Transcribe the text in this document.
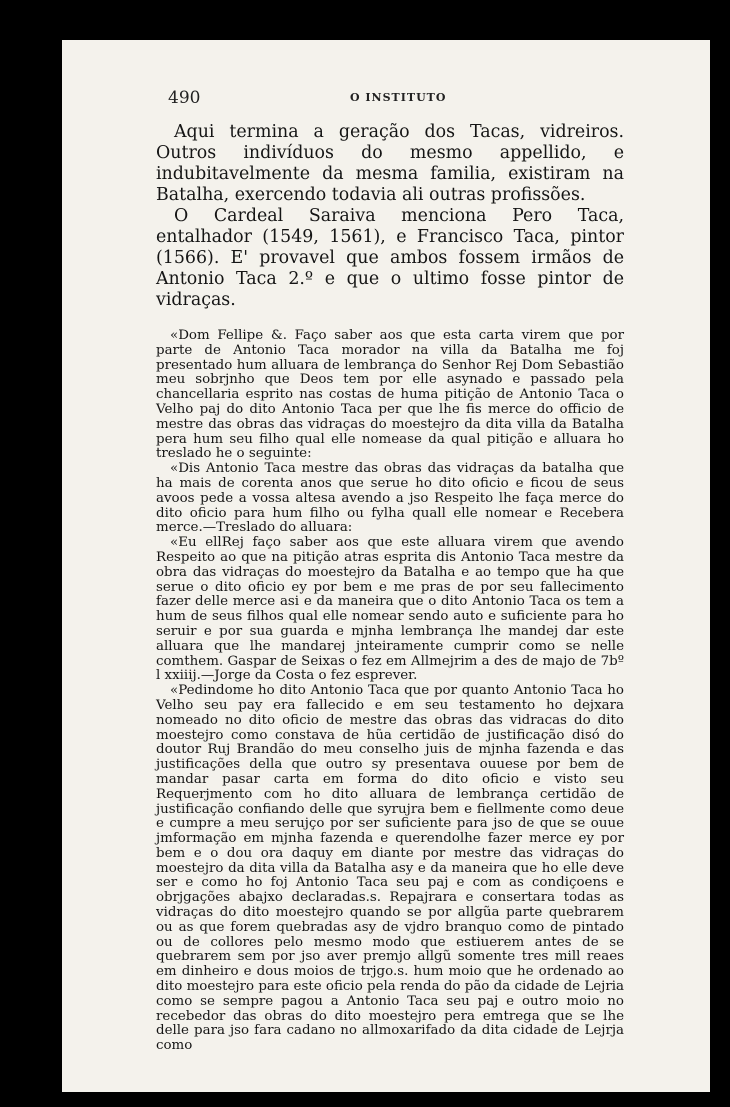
490	O INSTITUTO

Aqui termina a geração dos Tacas, vidreiros. Outros indivíduos do mesmo appellido, e indubitavelmente da mesma familia, existiram na Batalha, exercendo todavia ali outras profissões.

O Cardeal Saraiva menciona Pero Taca, entalhador (1549, 1561), e Francisco Taca, pintor (1566). E' provavel que ambos fossem irmãos de Antonio Taca 2.º e que o ultimo fosse pintor de vidraças.

«Dom Fellipe &. Faço saber aos que esta carta virem que por parte de Antonio Taca morador na villa da Batalha me foj presentado hum alluara de lembrança do Senhor Rej Dom Sebastião meu sobrjnho que Deos tem por elle asynado e passado pela chancellaria esprito nas costas de huma pitição de Antonio Taca o Velho paj do dito Antonio Taca per que lhe fis merce do officio de mestre das obras das vidraças do moestejro da dita villa da Batalha pera hum seu filho qual elle nomease da qual pitição e alluara ho treslado he o seguinte:

«Dis Antonio Taca mestre das obras das vidraças da batalha que ha mais de corenta anos que serue ho dito oficio e ficou de seus avoos pede a vossa altesa avendo a jso Respeito lhe faça merce do dito oficio para hum filho ou fylha quall elle nomear e Recebera merce.—Treslado do alluara:

«Eu ellRej faço saber aos que este alluara virem que avendo Respeito ao que na pitição atras esprita dis Antonio Taca mestre da obra das vidraças do moestejro da Batalha e ao tempo que ha que serue o dito oficio ey por bem e me pras de por seu fallecimento fazer delle merce asi e da maneira que o dito Antonio Taca os tem a hum de seus filhos qual elle nomear sendo auto e suficiente para ho seruir e por sua guarda e mjnha lembrança lhe mandej dar este alluara que lhe mandarej jnteiramente cumprir como se nelle comthem. Gaspar de Seixas o fez em Allmejrim a des de majo de 7bº l xxiiij.—Jorge da Costa o fez esprever.

«Pedindome ho dito Antonio Taca que por quanto Antonio Taca ho Velho seu pay era fallecido e em seu testamento ho dejxara nomeado no dito oficio de mestre das obras das vidracas do dito moestejro como constava de hũa certidão de justificação disó do doutor Ruj Brandão do meu conselho juis de mjnha fazenda e das justificações della que outro sy presentava ouuese por bem de mandar pasar carta em forma do dito oficio e visto seu Requerjmento com ho dito alluara de lembrança certidão de justificação confiando delle que syrujra bem e fiellmente como deue e cumpre a meu serujço por ser suficiente para jso de que se ouue jmformação em mjnha fazenda e querendolhe fazer merce ey por bem e o dou ora daquy em diante por mestre das vidraças do moestejro da dita villa da Batalha asy e da maneira que ho elle deve ser e como ho foj Antonio Taca seu paj e com as condiçoens e obrjgações abajxo declaradas.s. Repajrara e consertara todas as vidraças do dito moestejro quando se por allgũa parte quebrarem ou as que forem quebradas asy de vjdro branquo como de pintado ou de collores pelo mesmo modo que estiuerem antes de se quebrarem sem por jso aver premjo allgũ somente tres mill reaes em dinheiro e dous moios de trjgo.s. hum moio que he ordenado ao dito moestejro para este oficio pela renda do pão da cidade de Lejria como se sempre pagou a Antonio Taca seu paj e outro moio no recebedor das obras do dito moestejro pera emtrega que se lhe delle para jso fara cadano no allmoxarifado da dita cidade de Lejrja como
